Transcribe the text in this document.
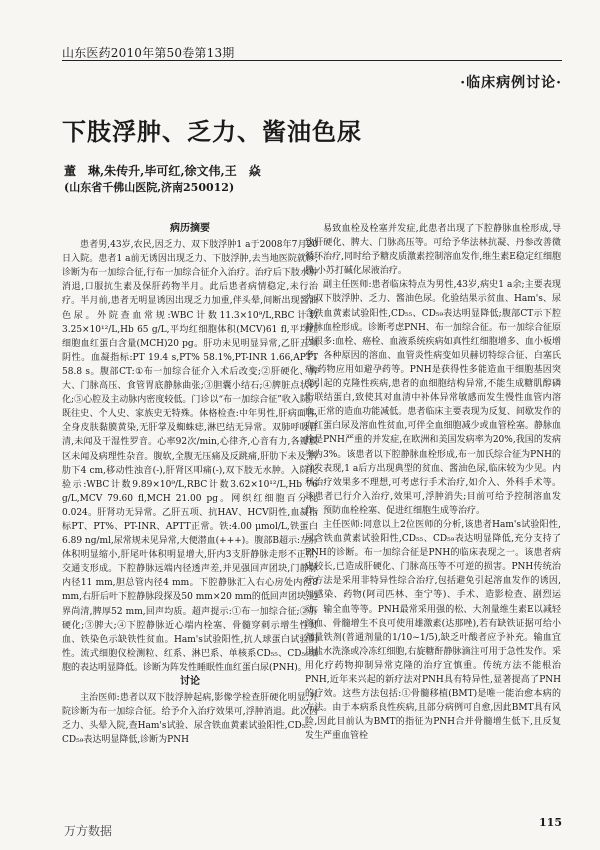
山东医药2010年第50卷第13期
·临床病例讨论·
下肢浮肿、乏力、酱油色尿
董　琳,朱传升,毕可红,徐文伟,王　焱
(山东省千佛山医院,济南250012)
病历摘要

患者男,43岁,农民,因乏力、双下肢浮肿1 a于2008年7月20日入院。患者1 a前无诱因出现乏力、下肢浮肿,去当地医院就诊,诊断为布一加综合征,行布一加综合征介入治疗。治疗后下肢水肿消退,口服抗生素及保肝药物半月。此后患者病情稳定,未行治疗。半月前,患者无明显诱因出现乏力加重,伴头晕,间断出现酱油色尿。外院查血常规:WBC计数11.3×10⁹/L,RBC计数3.25×10¹²/L,Hb 65 g/L,平均红细胞体积(MCV)61 fl,平均红细胞血红蛋白含量(MCH)20 pg。肝功未见明显异常,乙肝五项阴性。血凝指标:PT 19.4 s,PT% 58.1%,PT-INR 1.66,APTT 58.8 s。腹部CT:①布一加综合征介入术后改变;②肝硬化、脾大、门脉高压、食管胃底静脉曲张;③胆囊小结石;④脾脏点状钙化;⑤心腔及主动脉内密度较低。门诊以“布一加综合征”收入院。既往史、个人史、家族史无特殊。体格检查:中年男性,肝病面容,全身皮肤黏膜黄染,无肝掌及蜘蛛痣,淋巴结无异常。双肺呼吸音清,未闻及干湿性罗音。心率92次/min,心律齐,心音有力,各瓣膜区未闻及病理性杂音。腹软,全腹无压痛及反跳痛,肝肋下未及,脾肋下4 cm,移动性浊音(-),肝肾区叩痛(-),双下肢无水肿。入院化验示:WBC计数9.89×10⁹/L,RBC计数3.62×10¹²/L,Hb 76 g/L,MCV 79.60 fl,MCH 21.00 pg。网织红细胞百分比0.024。肝肾功无异常。乙肝五项、抗HAV、HCV阴性,血凝指标PT、PT%、PT-INR、APTT正常。铁:4.00 μmol/L,铁蛋白6.89 ng/ml,尿常规未见异常,大便潜血(+++)。腹部B超示:左肝体积明显缩小,肝尾叶体积明显增大,肝内3支肝静脉走形不正常,交通支形成。下腔静脉远端内径透声差,并见强回声团块,门静脉内径11 mm,胆总管内径4 mm。下腔静脉汇入右心房处内径8 mm,右肝后叶下腔静脉段探及50 mm×20 mm的低回声团块,边界尚清,脾厚52 mm,回声均质。超声提示:①布一加综合征;②肝硬化;③脾大;④下腔静脉近心端内栓塞、骨髓穿刺示增生性贫血、铁染色示缺铁性贫血。Ham's试验阳性,抗人球蛋白试验阴性。流式细胞仪检测粒、红系、淋巴系、单核系CD₅₅、CD₅₉细胞的表达明显降低。诊断为阵发性睡眠性血红蛋白尿(PNH)。

讨论

主治医师:患者以双下肢浮肿起病,影像学检查肝硬化明显,外院诊断为布一加综合征。给予介入治疗效果可,浮肿消退。此次因乏力、头晕入院,查Ham's试验、尿含铁血黄素试验阳性,CD₅₅、CD₅₉表达明显降低,诊断为PNH

易致血栓及栓塞并发症,此患者出现了下腔静脉血栓形成,导致肝硬化、脾大、门脉高压等。可给予华法林抗凝、丹参改善微循环治疗,同时给予糖皮质激素控制溶血发作,维生素E稳定红细胞膜,小苏打碱化尿液治疗。

副主任医师:患者临床特点为男性,43岁,病史1 a余;主要表现为双下肢浮肿、乏力、酱油色尿。化验结果示贫血、Ham's、尿含铁血黄素试验阳性,CD₅₅、CD₅₉表达明显降低;腹部CT示下腔静脉血栓形成。诊断考虑PNH、布一加综合征。布一加综合征原因很多:血栓、癌栓、血液系统疾病如真性红细胞增多、血小板增多、各种原因的溶血、血管炎性病变如贝赫切特综合征、白塞氏病,药物应用如避孕药等。PNH是获得性多能造血干细胞基因突变引起的克隆性疾病,患者的血细胞结构异常,不能生成糖肌醇磷脂联结蛋白,致使其对血清中补体异常敏感而发生慢性血管内溶血,正常的造血功能减低。患者临床主要表现为反复、间歇发作的血红蛋白尿及溶血性贫血,可伴全血细胞减少或血管栓塞。静脉血栓是PNH严重的并发症,在欧洲和美国发病率为20%,我国的发病率为3%。该患者以下腔静脉血栓形成,布一加氏综合征为PNH的首发表现,1 a后方出现典型的贫血、酱油色尿,临床较为少见。内科治疗效果多不理想,可考虑行手术治疗,如介入、外科手术等。该患者已行介入治疗,效果可,浮肿消失;目前可给予控制溶血发作、预防血栓栓塞、促进红细胞生成等治疗。

主任医师:同意以上2位医师的分析,该患者Ham's试验阳性,尿含铁血黄素试验阳性,CD₅₅、CD₅₉表达明显降低,充分支持了PNH的诊断。布一加综合征是PNH的临床表现之一。该患者病史较长,已造成肝硬化、门脉高压等不可逆的损害。PNH传统治疗方法是采用非特异性综合治疗,包括避免引起溶血发作的诱因,如感染、药物(阿司匹林、奎宁等)、手术、造影检查、剧烈运动、输全血等等。PNH最常采用强的松、大剂量维生素E以减轻溶血、骨髓增生不良可使用雄激素(达那唑),若有缺铁证据可给小剂量铁剂(普通剂量的1/10~1/5),缺乏叶酸者应予补充。输血宜用盐水洗涤或冷冻红细胞,右旋糖酐静脉滴注可用于急性发作。采用化疗药物抑制异常克隆的治疗宜慎重。传统方法不能根治PNH,近年来兴起的新疗法对PNH具有特异性,显著提高了PNH的疗效。这些方法包括:①骨髓移植(BMT)是唯一能治愈本病的方法。由于本病系良性疾病,且部分病例可自愈,因此BMT具有风险,因此目前认为BMT的指征为PNH合并骨髓增生低下,且反复发生严重血管栓

万方数据
115
